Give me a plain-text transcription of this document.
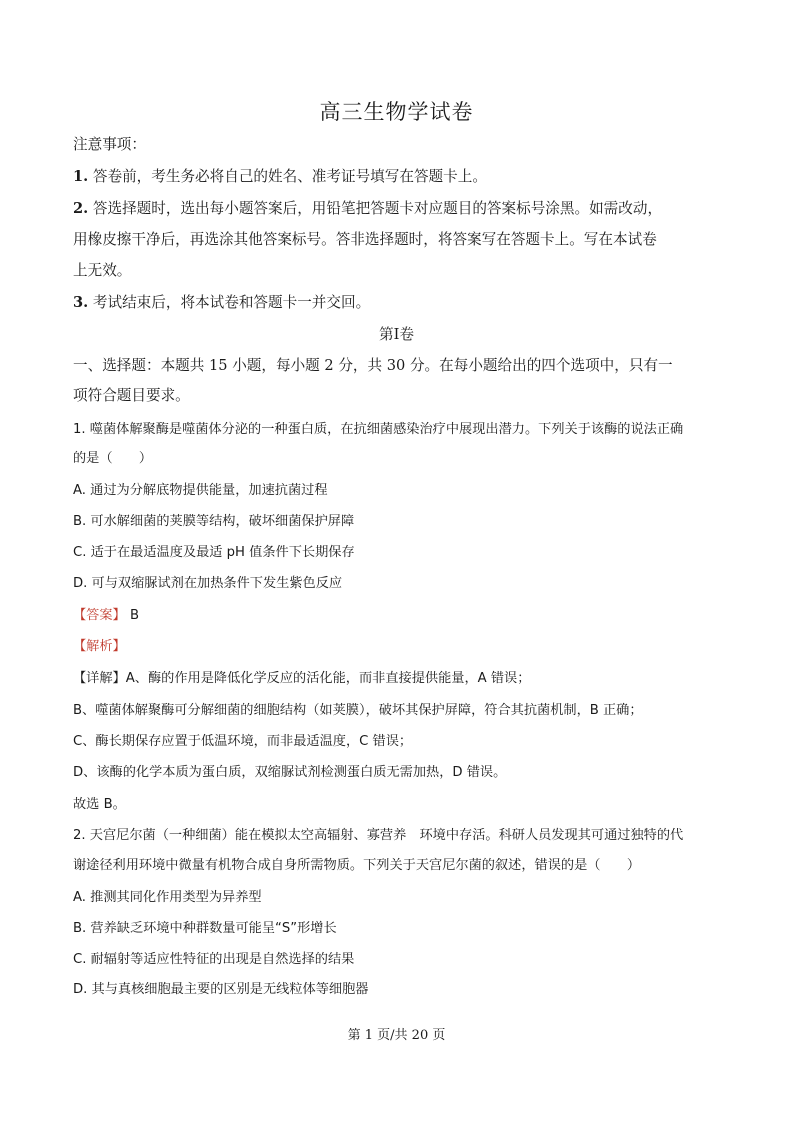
高三生物学试卷
注意事项：
1. 答卷前，考生务必将自己的姓名、准考证号填写在答题卡上。
2. 答选择题时，选出每小题答案后，用铅笔把答题卡对应题目的答案标号涂黑。如需改动，
用橡皮擦干净后，再选涂其他答案标号。答非选择题时，将答案写在答题卡上。写在本试卷
上无效。
3. 考试结束后，将本试卷和答题卡一并交回。
第Ⅰ卷
一、选择题：本题共 15 小题，每小题 2 分，共 30 分。在每小题给出的四个选项中，只有一
项符合题目要求。
1. 噬菌体解聚酶是噬菌体分泌的一种蛋白质，在抗细菌感染治疗中展现出潜力。下列关于该酶的说法正确
的是（　　）
A. 通过为分解底物提供能量，加速抗菌过程
B. 可水解细菌的荚膜等结构，破坏细菌保护屏障
C. 适于在最适温度及最适 pH 值条件下长期保存
D. 可与双缩脲试剂在加热条件下发生紫色反应
【答案】 B
【解析】
【详解】A、酶的作用是降低化学反应的活化能，而非直接提供能量，A 错误；
B、噬菌体解聚酶可分解细菌的细胞结构（如荚膜），破坏其保护屏障，符合其抗菌机制，B 正确；
C、酶长期保存应置于低温环境，而非最适温度，C 错误；
D、该酶的化学本质为蛋白质，双缩脲试剂检测蛋白质无需加热，D 错误。
故选 B。
2. 天宫尼尔菌（一种细菌）能在模拟太空高辐射、寡营养　环境中存活。科研人员发现其可通过独特的代
谢途径利用环境中微量有机物合成自身所需物质。下列关于天宫尼尔菌的叙述，错误的是（　　）
A. 推测其同化作用类型为异养型
B. 营养缺乏环境中种群数量可能呈“S”形增长
C. 耐辐射等适应性特征的出现是自然选择的结果
D. 其与真核细胞最主要的区别是无线粒体等细胞器
第 1 页/共 20 页
